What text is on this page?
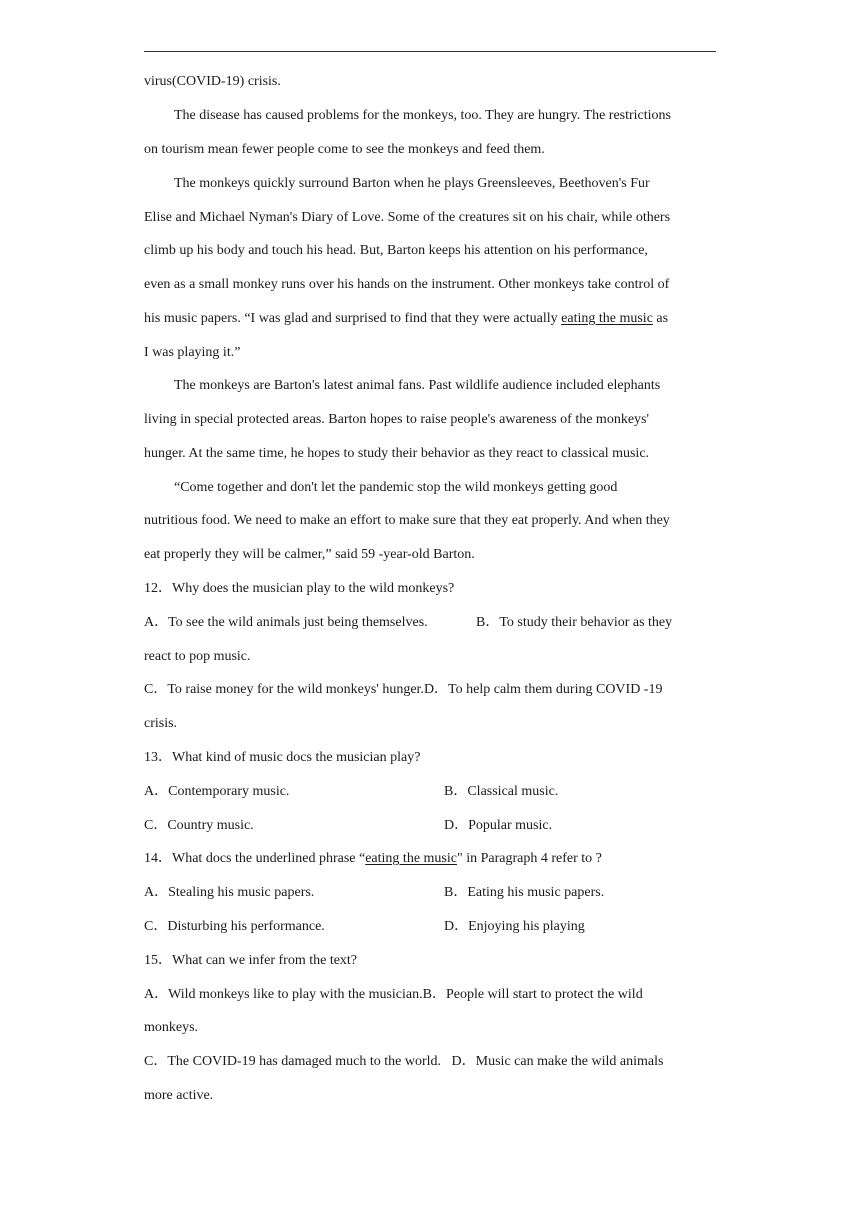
virus(COVID-19) crisis.
The disease has caused problems for the monkeys, too. They are hungry. The restrictions
on tourism mean fewer people come to see the monkeys and feed them.
The monkeys quickly surround Barton when he plays Greensleeves, Beethoven's Fur
Elise and Michael Nyman's Diary of Love. Some of the creatures sit on his chair, while others
climb up his body and touch his head. But, Barton keeps his attention on his performance,
even as a small monkey runs over his hands on the instrument. Other monkeys take control of
his music papers. “I was glad and surprised to find that they were actually eating the music as
I was playing it.”
The monkeys are Barton's latest animal fans. Past wildlife audience included elephants
living in special protected areas. Barton hopes to raise people's awareness of the monkeys'
hunger. At the same time, he hopes to study their behavior as they react to classical music.
“Come together and don't let the pandemic stop the wild monkeys getting good
nutritious food. We need to make an effort to make sure that they eat properly. And when they
eat properly they will be calmer,” said 59 -year-old Barton.
12．Why does the musician play to the wild monkeys?
A．To see the wild animals just being themselves.	B．To study their behavior as they
react to pop music.
C．To raise money for the wild monkeys' hunger.D．To help calm them during COVID -19
crisis.
13．What kind of music docs the musician play?
A．Contemporary music.	B．Classical music.
C．Country music.	D．Popular music.
14．What docs the underlined phrase “eating the music" in Paragraph 4 refer to ?
A．Stealing his music papers.	B．Eating his music papers.
C．Disturbing his performance.	D．Enjoying his playing
15．What can we infer from the text?
A．Wild monkeys like to play with the musician.B．People will start to protect the wild
monkeys.
C．The COVID-19 has damaged much to the world.   D．Music can make the wild animals
more active.
